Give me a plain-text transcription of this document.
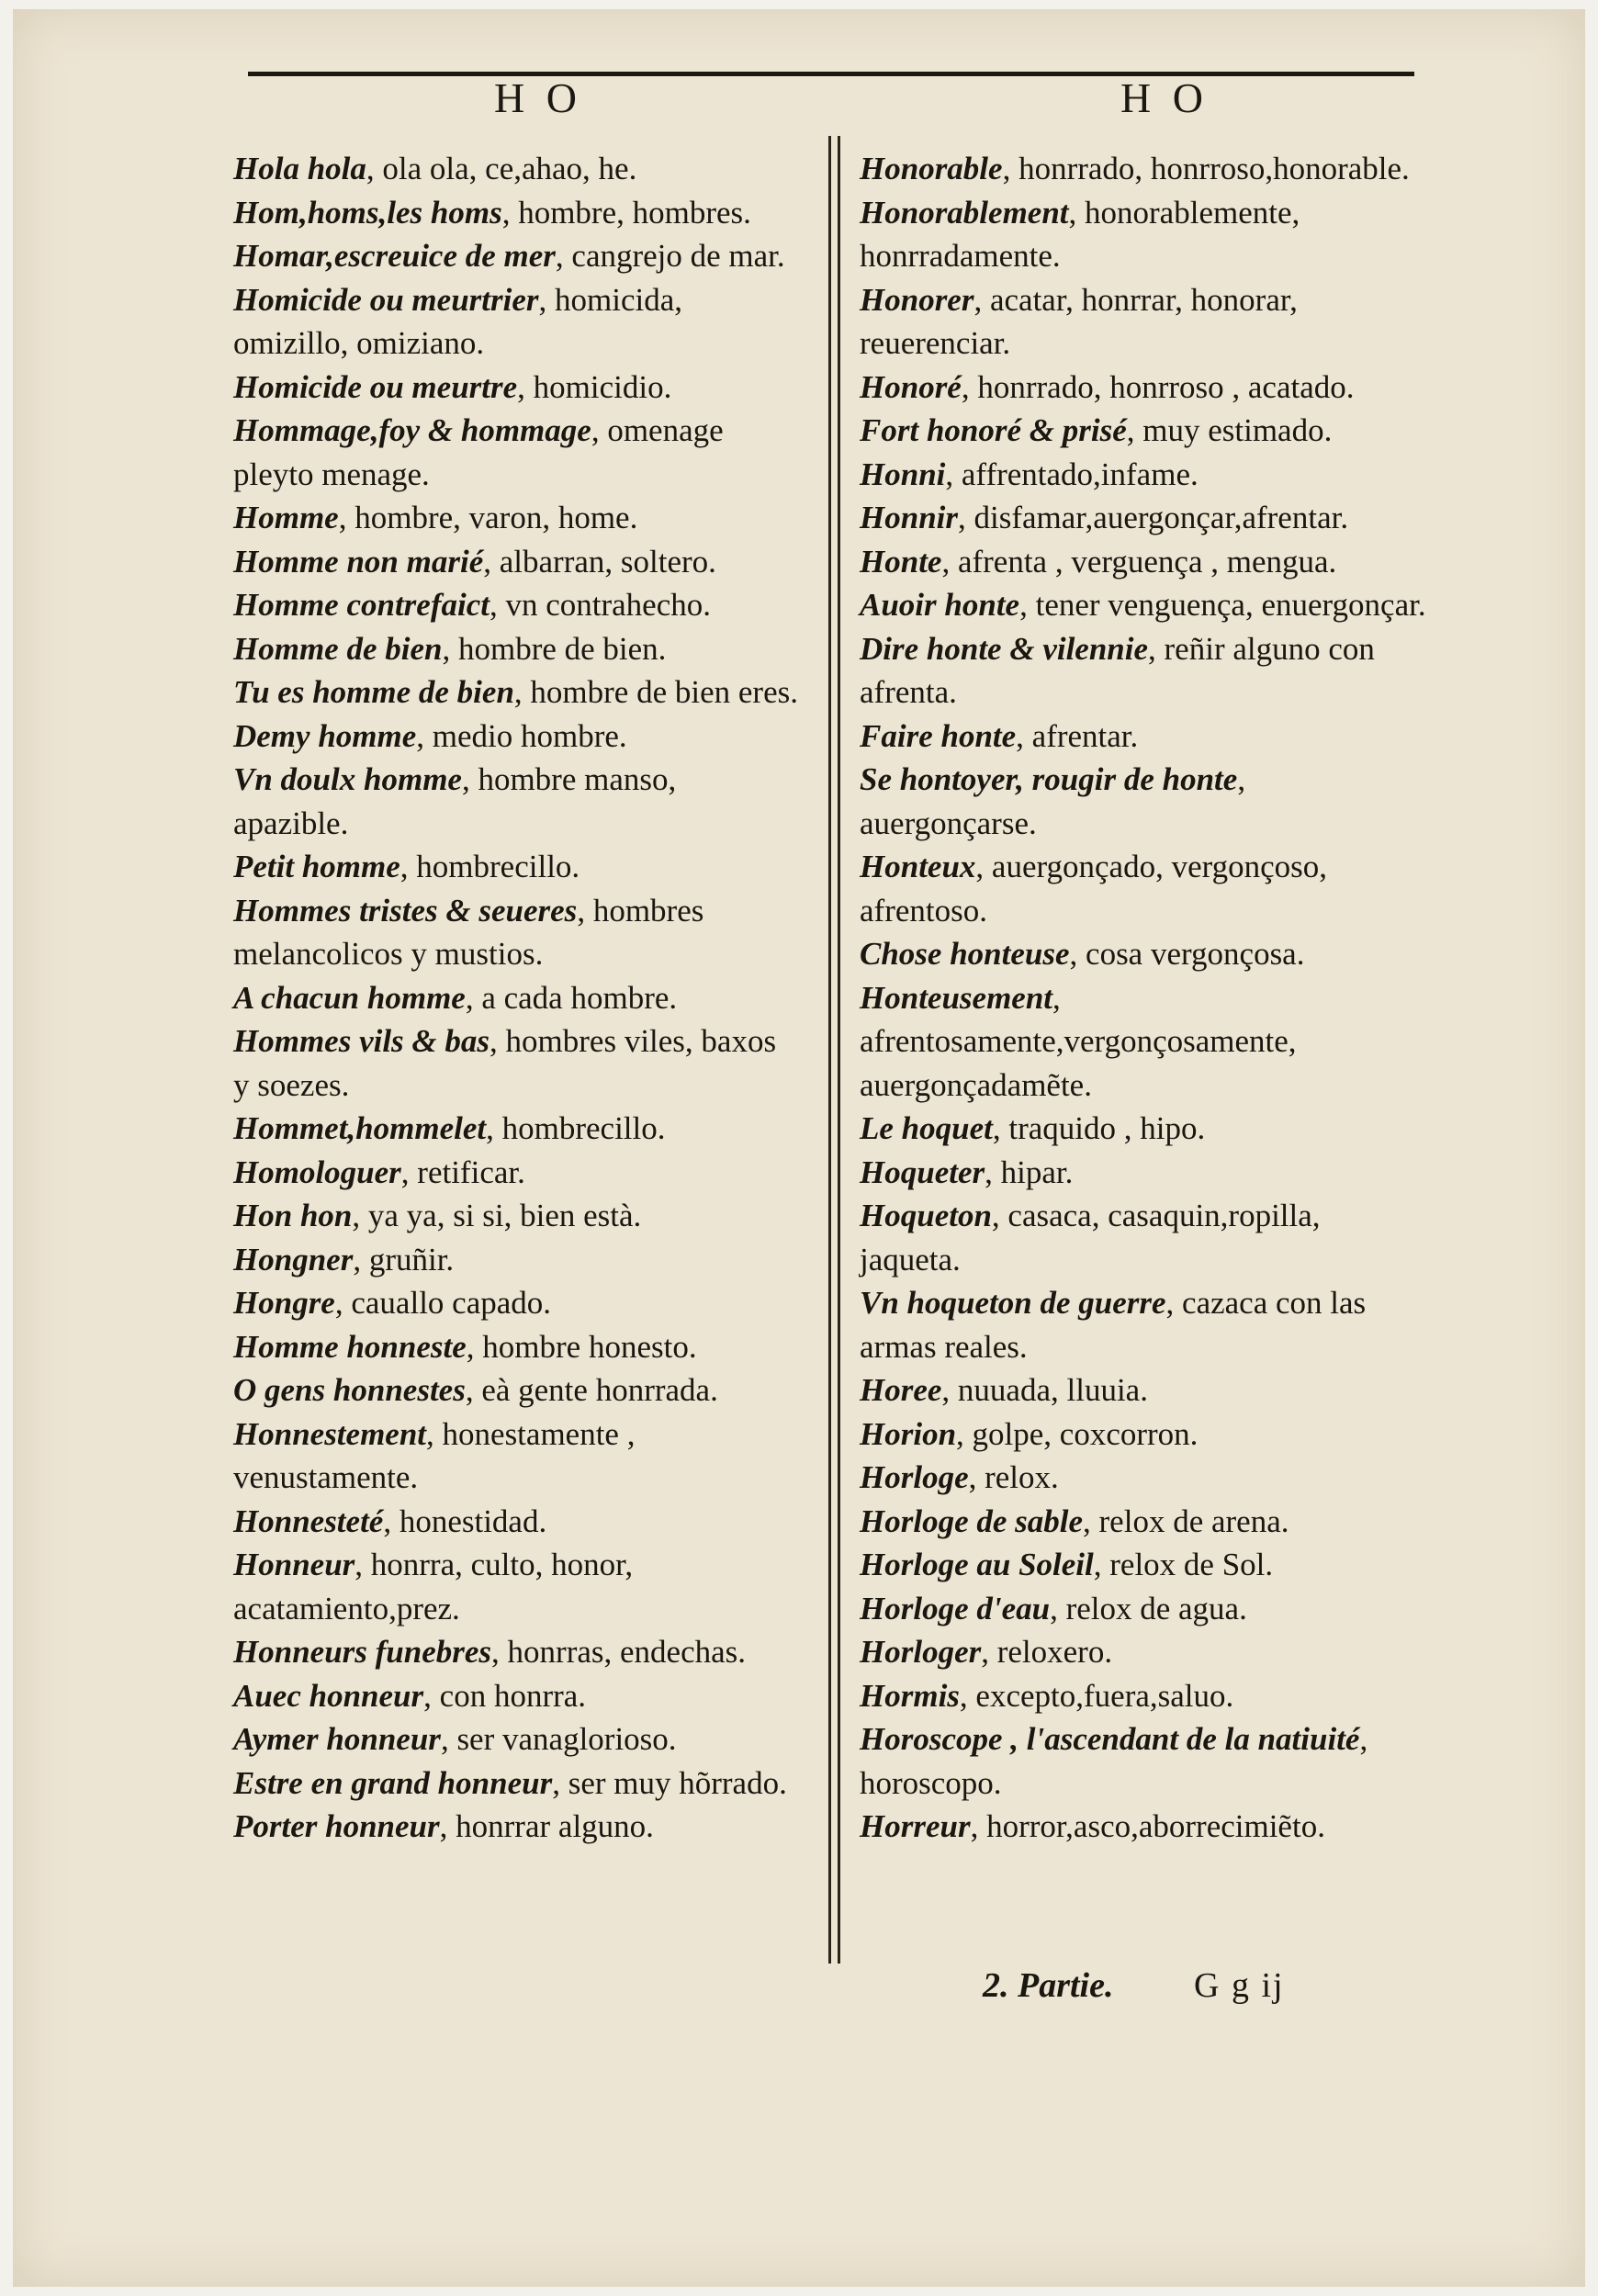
H O	H O
Hola hola, ola ola, ce,ahao, he.
Hom,homs,les homs, hombre, hombres.
Homar,escreuice de mer, cangrejo de mar.
Homicide ou meurtrier, homicida, omizillo, omiziano.
Homicide ou meurtre, homicidio.
Hommage,foy & hommage, omenage pleyto menage.
Homme, hombre, varon, home.
Homme non marié, albarran, soltero.
Homme contrefaict, vn contrahecho.
Homme de bien, hombre de bien.
Tu es homme de bien, hombre de bien eres.
Demy homme, medio hombre.
Vn doulx homme, hombre manso, apazible.
Petit homme, hombrecillo.
Hommes tristes & seueres, hombres melancolicos y mustios.
A chacun homme, a cada hombre.
Hommes vils & bas, hombres viles, baxos y soezes.
Hommet,hommelet, hombrecillo.
Homologuer, retificar.
Hon hon, ya ya, si si, bien està.
Hongner, gruñir.
Hongre, cauallo capado.
Homme honneste, hombre honesto.
O gens honnestes, eà gente honrrada.
Honnestement, honestamente , venustamente.
Honnesteté, honestidad.
Honneur, honrra, culto, honor, acatamiento,prez.
Honneurs funebres, honrras, endechas.
Auec honneur, con honrra.
Aymer honneur, ser vanaglorioso.
Estre en grand honneur, ser muy hõrrado.
Porter honneur, honrrar alguno.
Honorable, honrrado, honrroso,honorable.
Honorablement, honorablemente, honrradamente.
Honorer, acatar, honrrar, honorar, reuerenciar.
Honoré, honrrado, honrroso , acatado.
Fort honoré & prisé, muy estimado.
Honni, affrentado,infame.
Honnir, disfamar,auergonçar,afrentar.
Honte, afrenta , verguença , mengua.
Auoir honte, tener venguença, enuergonçar.
Dire honte & vilennie, reñir alguno con afrenta.
Faire honte, afrentar.
Se hontoyer, rougir de honte, auergonçarse.
Honteux, auergonçado, vergonçoso, afrentoso.
Chose honteuse, cosa vergonçosa.
Honteusement, afrentosamente,vergonçosamente, auergonçadamẽte.
Le hoquet, traquido , hipo.
Hoqueter, hipar.
Hoqueton, casaca, casaquin,ropilla, jaqueta.
Vn hoqueton de guerre, cazaca con las armas reales.
Horee, nuuada, lluuia.
Horion, golpe, coxcorron.
Horloge, relox.
Horloge de sable, relox de arena.
Horloge au Soleil, relox de Sol.
Horloge d'eau, relox de agua.
Horloger, reloxero.
Hormis, excepto,fuera,saluo.
Horoscope , l'ascendant de la natiuité, horoscopo.
Horreur, horror,asco,aborrecimiẽto.
2. Partie. G g ij
